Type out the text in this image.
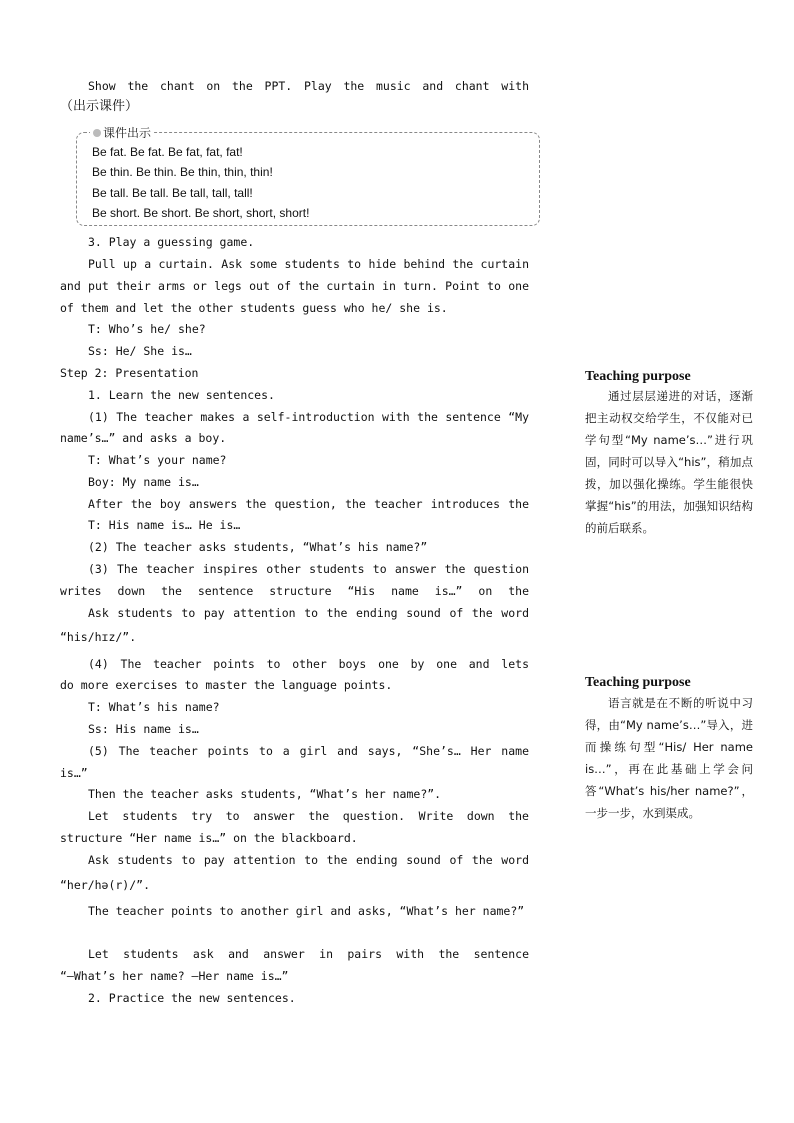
Show the chant on the PPT. Play the music and chant with
（出示课件）
课件出示
Be fat. Be fat. Be fat, fat, fat!
Be thin. Be thin. Be thin, thin, thin!
Be tall. Be tall. Be tall, tall, tall!
Be short. Be short. Be short, short, short!
3. Play a guessing game.
Pull up a curtain. Ask some students to hide behind the curtain
and put their arms or legs out of the curtain in turn. Point to one
of them and let the other students guess who he/ she is.
T: Who’s he/ she?
Ss: He/ She is…
Step 2: Presentation
1. Learn the new sentences.
(1) The teacher makes a self-introduction with the sentence “My
name’s…” and asks a boy.
T: What’s your name?
Boy: My name is…
After the boy answers the question, the teacher introduces the
T: His name is… He is…
(2) The teacher asks students, “What’s his name?”
(3) The teacher inspires other students to answer the question
writes down the sentence structure “His name is…” on the
Ask students to pay attention to the ending sound of the word
“his/hɪz/”.
(4) The teacher points to other boys one by one and lets
do more exercises to master the language points.
T: What’s his name?
Ss: His name is…
(5) The teacher points to a girl and says, “She’s… Her name
is…”
Then the teacher asks students, “What’s her name?”.
Let students try to answer the question. Write down the
structure “Her name is…” on the blackboard.
Ask students to pay attention to the ending sound of the word
“her/hə(r)/”.
The teacher points to another girl and asks, “What’s her name?”
Let students ask and answer in pairs with the sentence
“—What’s her name? —Her name is…”
2. Practice the new sentences.
Teaching purpose
通过层层递进的对话，逐渐把主动权交给学生，不仅能对已学句型“My name’s…”进行巩固，同时可以导入“his”，稍加点拨，加以强化操练。学生能很快掌握“his”的用法，加强知识结构的前后联系。
Teaching purpose
语言就是在不断的听说中习得，由“My name’s…”导入，进而操练句型“His/ Her name is…”，再在此基础上学会问答“What’s his/her name?”，一步一步，水到渠成。
